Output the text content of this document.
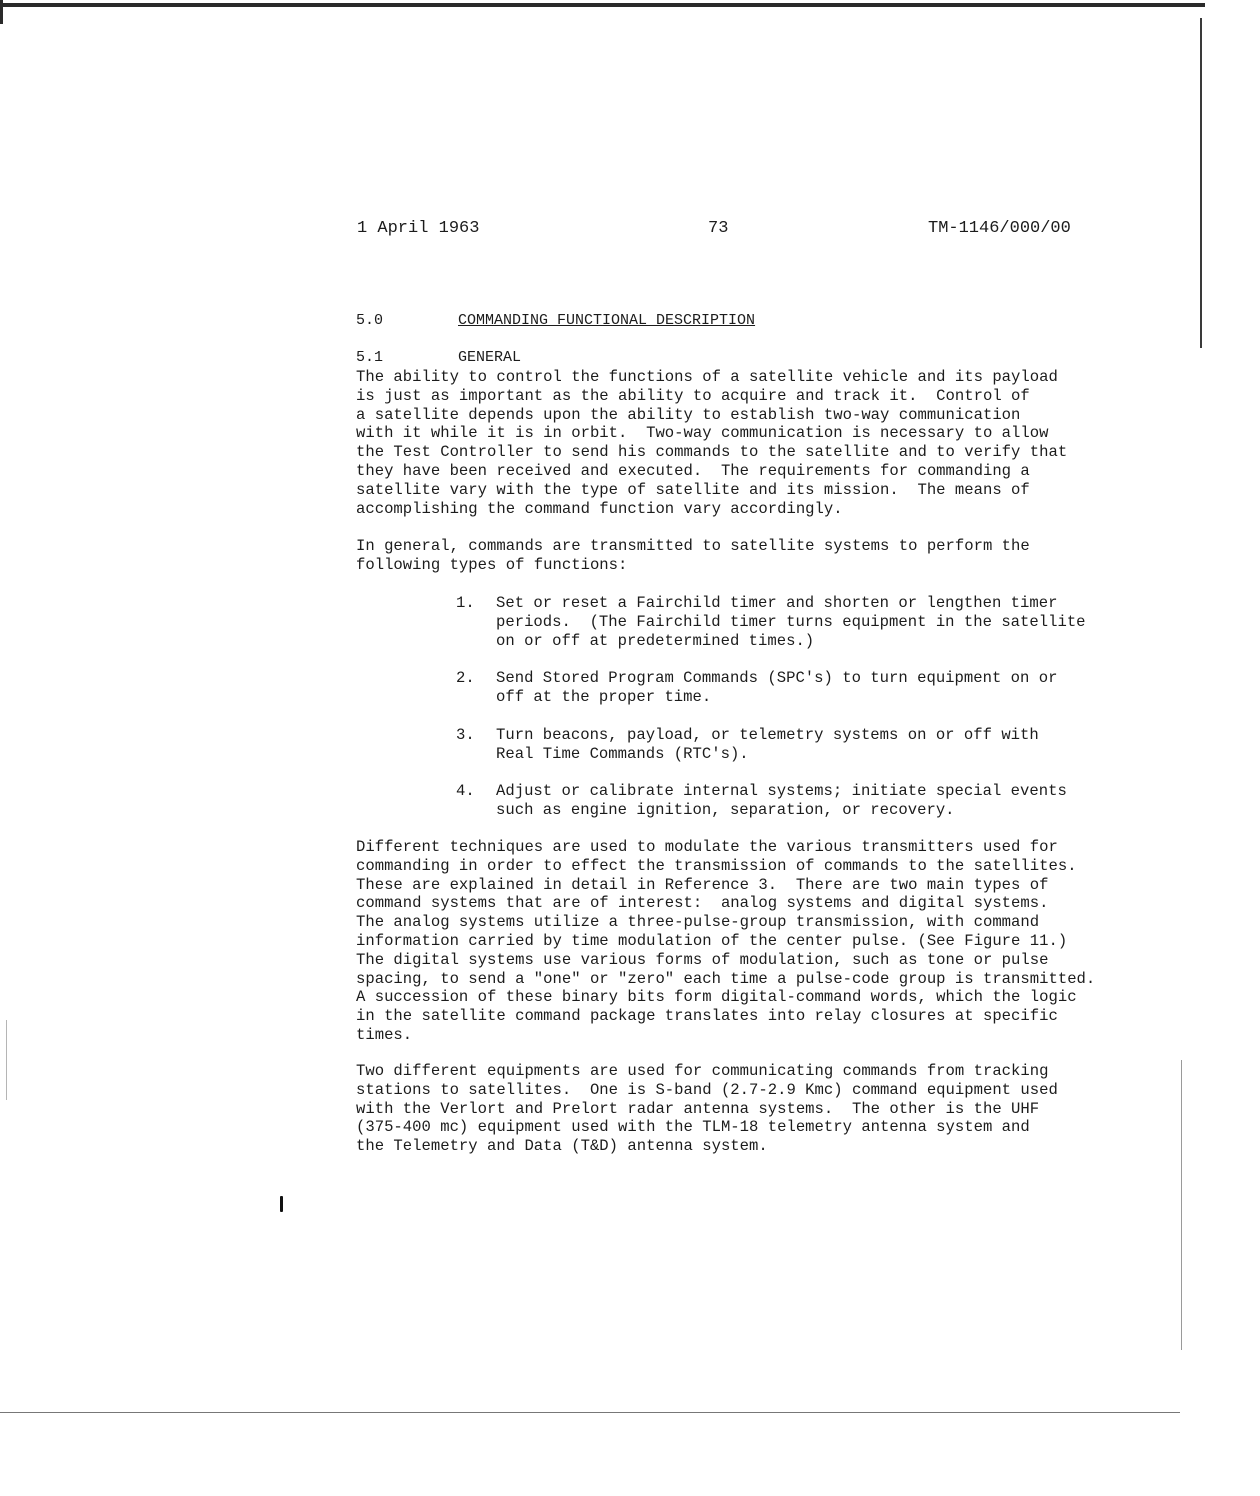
1 April 1963	73	TM-1146/000/00
5.0	COMMANDING FUNCTIONAL DESCRIPTION
5.1	GENERAL

The ability to control the functions of a satellite vehicle and its payload
is just as important as the ability to acquire and track it.  Control of
a satellite depends upon the ability to establish two-way communication
with it while it is in orbit.  Two-way communication is necessary to allow
the Test Controller to send his commands to the satellite and to verify that
they have been received and executed.  The requirements for commanding a
satellite vary with the type of satellite and its mission.  The means of
accomplishing the command function vary accordingly.

In general, commands are transmitted to satellite systems to perform the
following types of functions:

1. Set or reset a Fairchild timer and shorten or lengthen timer
periods.  (The Fairchild timer turns equipment in the satellite
on or off at predetermined times.)

2. Send Stored Program Commands (SPC's) to turn equipment on or
off at the proper time.

3. Turn beacons, payload, or telemetry systems on or off with
Real Time Commands (RTC's).

4. Adjust or calibrate internal systems; initiate special events
such as engine ignition, separation, or recovery.

Different techniques are used to modulate the various transmitters used for
commanding in order to effect the transmission of commands to the satellites.
These are explained in detail in Reference 3.  There are two main types of
command systems that are of interest:  analog systems and digital systems.
The analog systems utilize a three-pulse-group transmission, with command
information carried by time modulation of the center pulse. (See Figure 11.)
The digital systems use various forms of modulation, such as tone or pulse
spacing, to send a "one" or "zero" each time a pulse-code group is transmitted.
A succession of these binary bits form digital-command words, which the logic
in the satellite command package translates into relay closures at specific
times.

Two different equipments are used for communicating commands from tracking
stations to satellites.  One is S-band (2.7-2.9 Kmc) command equipment used
with the Verlort and Prelort radar antenna systems.  The other is the UHF
(375-400 mc) equipment used with the TLM-18 telemetry antenna system and
the Telemetry and Data (T&D) antenna system.
